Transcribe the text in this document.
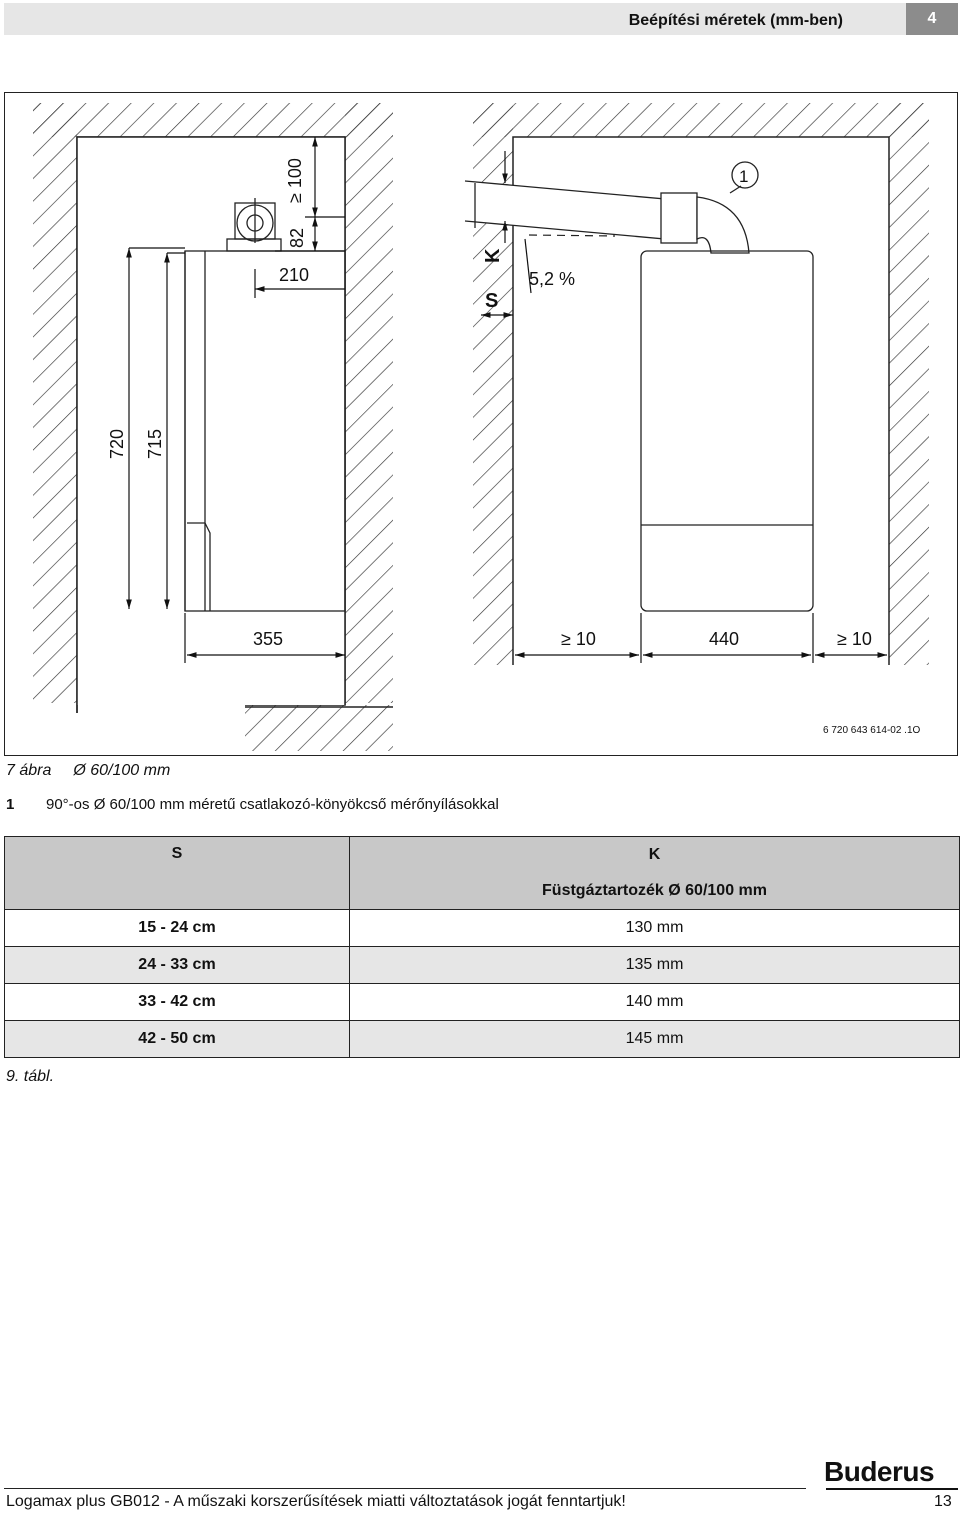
Beépítési méretek (mm-ben)	4
≥ 100
82
210
720 715
355
K
S
5,2 %
1
≥ 10	440	≥ 10
6 720 643 614-02 .1O
7 ábra Ø 60/100 mm
1 90°-os Ø 60/100 mm méretű csatlakozó-könyökcső mérőnyílásokkal
S	K
	Füstgáztartozék Ø 60/100 mm
15 - 24 cm	130 mm
24 - 33 cm	135 mm
33 - 42 cm	140 mm
42 - 50 cm	145 mm
9. tábl.
Buderus
Logamax plus GB012 - A műszaki korszerűsítések miatti változtatások jogát fenntartjuk!	13
